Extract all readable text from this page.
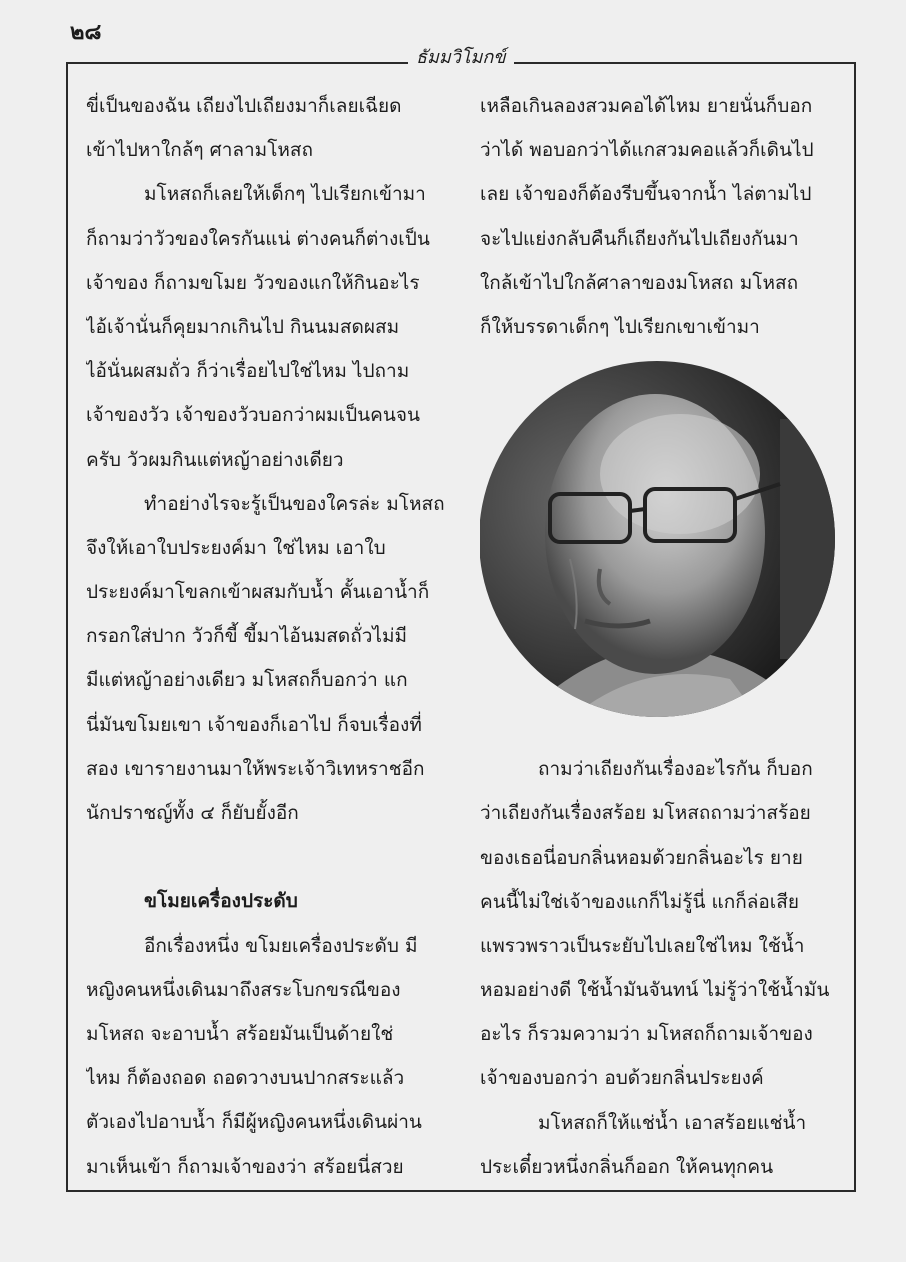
๒๘
ธัมมวิโมกข์
ขี่เป็นของฉัน เถียงไปเถียงมาก็เลยเฉียด
เข้าไปหาใกล้ๆ ศาลามโหสถ
มโหสถก็เลยให้เด็กๆ ไปเรียกเข้ามา
ก็ถามว่าวัวของใครกันแน่ ต่างคนก็ต่างเป็น
เจ้าของ ก็ถามขโมย วัวของแกให้กินอะไร
ไอ้เจ้านั่นก็คุยมากเกินไป กินนมสดผสม
ไอ้นั่นผสมถั่ว ก็ว่าเรื่อยไปใช่ไหม ไปถาม
เจ้าของวัว เจ้าของวัวบอกว่าผมเป็นคนจน
ครับ วัวผมกินแต่หญ้าอย่างเดียว
ทำอย่างไรจะรู้เป็นของใครล่ะ มโหสถ
จึงให้เอาใบประยงค์มา ใช่ไหม เอาใบ
ประยงค์มาโขลกเข้าผสมกับน้ำ คั้นเอาน้ำก็
กรอกใส่ปาก วัวก็ขี้ ขี้มาไอ้นมสดถั่วไม่มี
มีแต่หญ้าอย่างเดียว มโหสถก็บอกว่า แก
นี่มันขโมยเขา เจ้าของก็เอาไป ก็จบเรื่องที่
สอง เขารายงานมาให้พระเจ้าวิเทหราชอีก
นักปราชญ์ทั้ง ๔ ก็ยับยั้งอีก
ขโมยเครื่องประดับ
อีกเรื่องหนึ่ง ขโมยเครื่องประดับ มี
หญิงคนหนึ่งเดินมาถึงสระโบกขรณีของ
มโหสถ จะอาบน้ำ สร้อยมันเป็นด้ายใช่
ไหม ก็ต้องถอด ถอดวางบนปากสระแล้ว
ตัวเองไปอาบน้ำ ก็มีผู้หญิงคนหนึ่งเดินผ่าน
มาเห็นเข้า ก็ถามเจ้าของว่า สร้อยนี่สวย
เหลือเกินลองสวมคอได้ไหม ยายนั่นก็บอก
ว่าได้ พอบอกว่าได้แกสวมคอแล้วก็เดินไป
เลย เจ้าของก็ต้องรีบขึ้นจากน้ำ ไล่ตามไป
จะไปแย่งกลับคืนก็เถียงกันไปเถียงกันมา
ใกล้เข้าไปใกล้ศาลาของมโหสถ มโหสถ
ก็ให้บรรดาเด็กๆ ไปเรียกเขาเข้ามา
ถามว่าเถียงกันเรื่องอะไรกัน ก็บอก
ว่าเถียงกันเรื่องสร้อย มโหสถถามว่าสร้อย
ของเธอนี่อบกลิ่นหอมด้วยกลิ่นอะไร ยาย
คนนี้ไม่ใช่เจ้าของแกก็ไม่รู้นี่ แกก็ล่อเสีย
แพรวพราวเป็นระยับไปเลยใช่ไหม ใช้น้ำ
หอมอย่างดี ใช้น้ำมันจันทน์ ไม่รู้ว่าใช้น้ำมัน
อะไร ก็รวมความว่า มโหสถก็ถามเจ้าของ
เจ้าของบอกว่า อบด้วยกลิ่นประยงค์
มโหสถก็ให้แช่น้ำ เอาสร้อยแช่น้ำ
ประเดี๋ยวหนึ่งกลิ่นก็ออก ให้คนทุกคน
